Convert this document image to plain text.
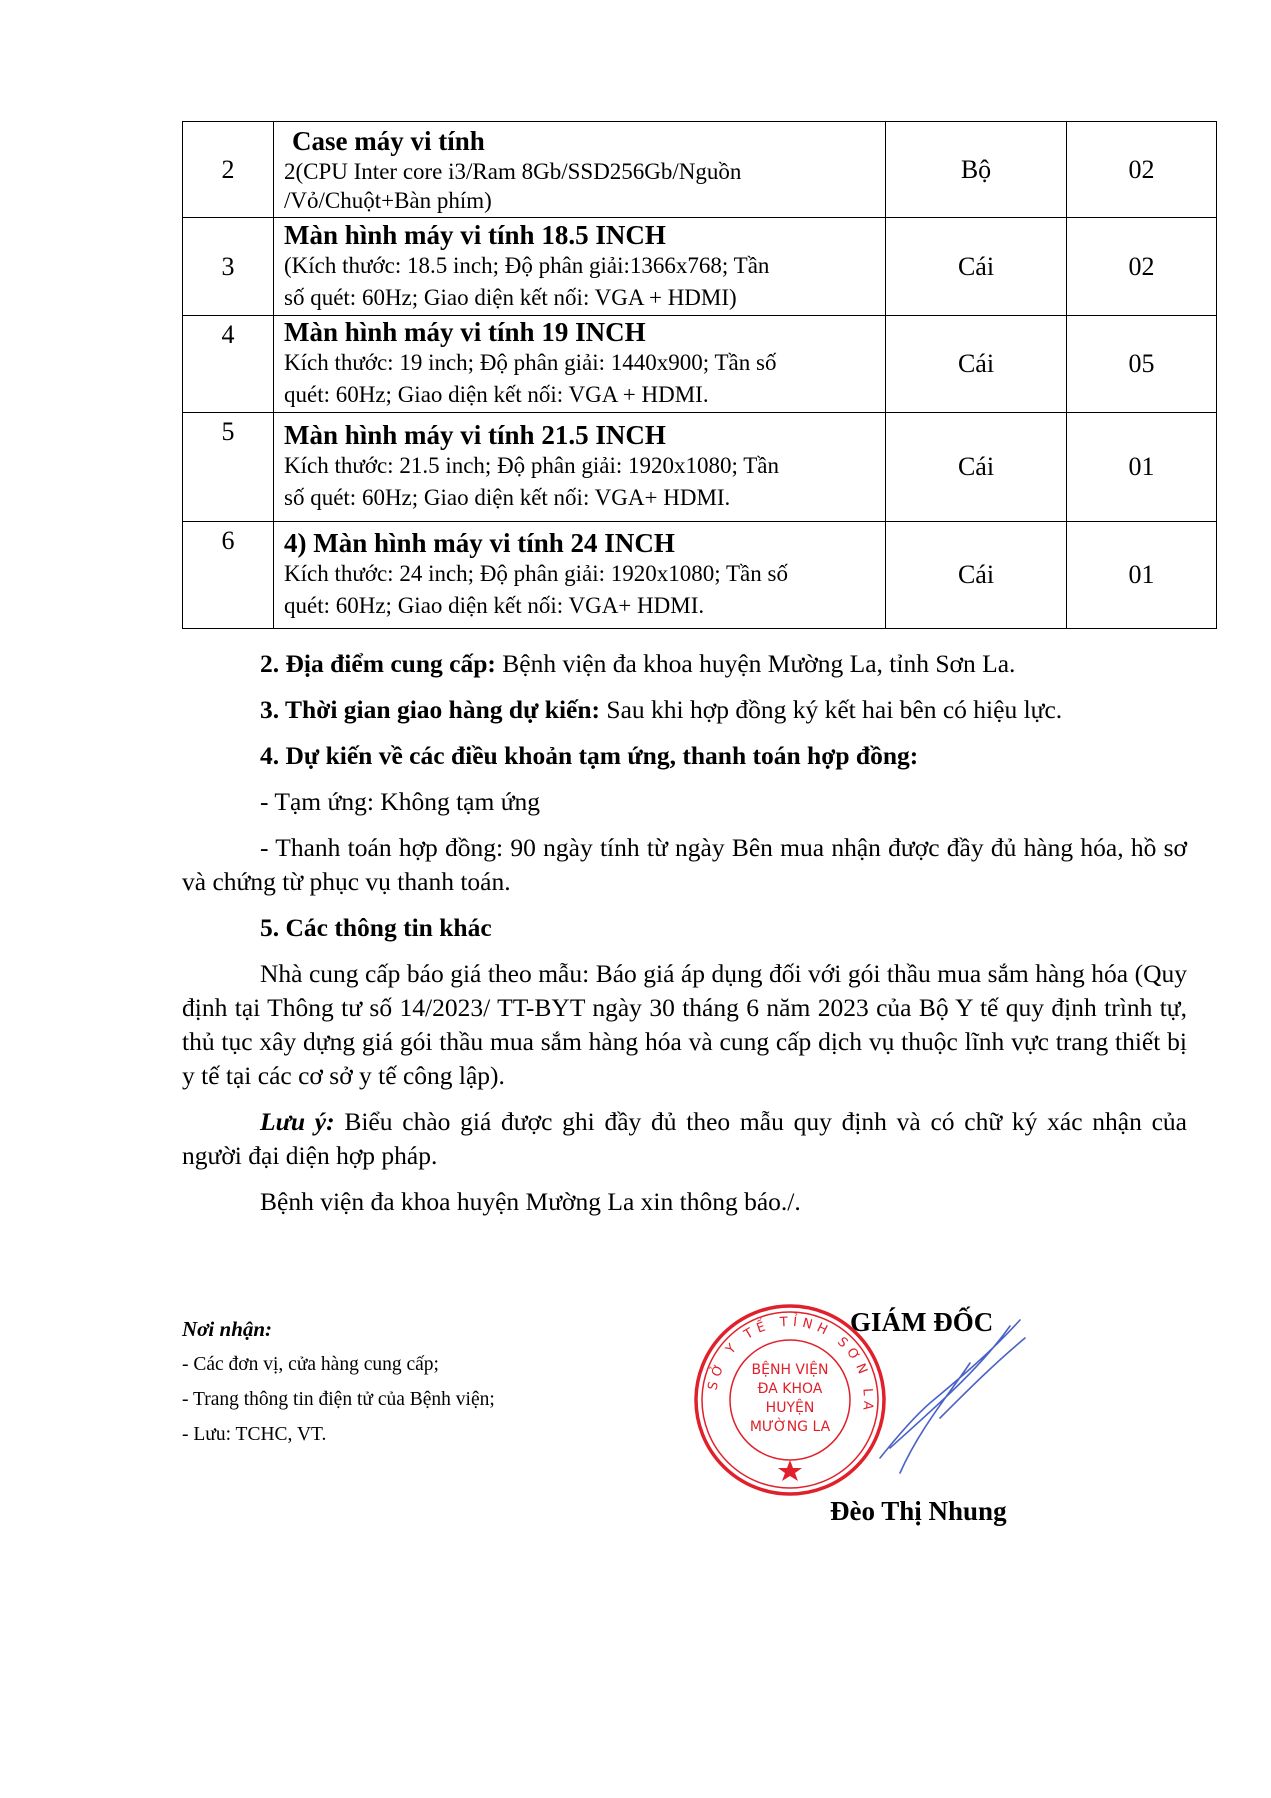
2	Case máy vi tính
2(CPU Inter core i3/Ram 8Gb/SSD256Gb/Nguồn
/Vỏ/Chuột+Bàn phím)	Bộ	02
3	Màn hình máy vi tính 18.5 INCH
(Kích thước: 18.5 inch; Độ phân giải:1366x768; Tần
số quét: 60Hz; Giao diện kết nối: VGA + HDMI)	Cái	02
4	Màn hình máy vi tính 19 INCH
Kích thước: 19 inch; Độ phân giải: 1440x900; Tần số
quét: 60Hz; Giao diện kết nối: VGA + HDMI.	Cái	05
5	Màn hình máy vi tính 21.5 INCH
Kích thước: 21.5 inch; Độ phân giải: 1920x1080; Tần
số quét: 60Hz; Giao diện kết nối: VGA+ HDMI.	Cái	01
6	4) Màn hình máy vi tính 24 INCH
Kích thước: 24 inch; Độ phân giải: 1920x1080; Tần số
quét: 60Hz; Giao diện kết nối: VGA+ HDMI.	Cái	01

2. Địa điểm cung cấp: Bệnh viện đa khoa huyện Mường La, tỉnh Sơn La.

3. Thời gian giao hàng dự kiến: Sau khi hợp đồng ký kết hai bên có hiệu lực.

4. Dự kiến về các điều khoản tạm ứng, thanh toán hợp đồng:

- Tạm ứng: Không tạm ứng

- Thanh toán hợp đồng: 90 ngày tính từ ngày Bên mua nhận được đầy đủ hàng hóa, hồ sơ và chứng từ phục vụ thanh toán.

5. Các thông tin khác

Nhà cung cấp báo giá theo mẫu: Báo giá áp dụng đối với gói thầu mua sắm hàng hóa (Quy định tại Thông tư số 14/2023/ TT-BYT ngày 30 tháng 6 năm 2023 của Bộ Y tế quy định trình tự, thủ tục xây dựng giá gói thầu mua sắm hàng hóa và cung cấp dịch vụ thuộc lĩnh vực trang thiết bị y tế tại các cơ sở y tế công lập).

Lưu ý: Biểu chào giá được ghi đầy đủ theo mẫu quy định và có chữ ký xác nhận của người đại diện hợp pháp.

Bệnh viện đa khoa huyện Mường La xin thông báo./.

Nơi nhận:
- Các đơn vị, cửa hàng cung cấp;
- Trang thông tin điện tử của Bệnh viện;
- Lưu: TCHC, VT.
GIÁM ĐỐC
SỞ Y TẾ TỈNH SƠN LA
BỆNH VIỆN
ĐA KHOA
HUYỆN
MƯỜNG LA
Đèo Thị Nhung
